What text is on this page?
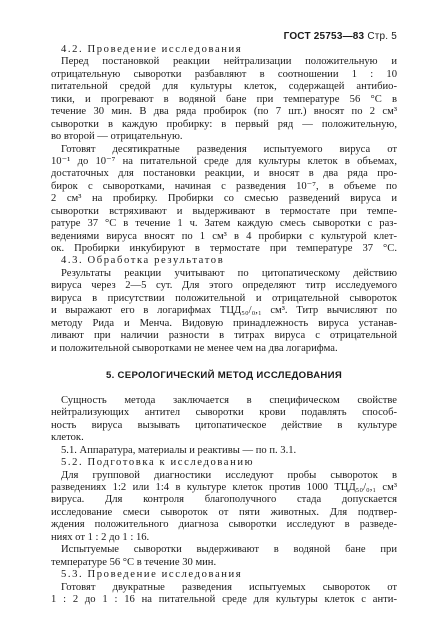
ГОСТ 25753—83 Стр. 5
4.2. Проведение исследования
Перед постановкой реакции нейтрализации положительную и
отрицательную сыворотки разбавляют в соотношении 1 : 10
питательной средой для культуры клеток, содержащей антибио-
тики, и прогревают в водяной бане при температуре 56 °С в
течение 30 мин. В два ряда пробирок (по 7 шт.) вносят по 2 см³
сыворотки в каждую пробирку: в первый ряд — положительную,
во второй — отрицательную.
Готовят десятикратные разведения испытуемого вируса от
10⁻¹ до 10⁻⁷ на питательной среде для культуры клеток в объемах,
достаточных для постановки реакции, и вносят в два ряда про-
бирок с сыворотками, начиная с разведения 10⁻⁷, в объеме по
2 см³ на пробирку. Пробирки со смесью разведений вируса и
сыворотки встряхивают и выдерживают в термостате при темпе-
ратуре 37 °С в течение 1 ч. Затем каждую смесь сыворотки с раз-
ведениями вируса вносят по 1 см³ в 4 пробирки с культурой клет-
ок. Пробирки инкубируют в термостате при температуре 37 °С.
4.3. Обработка результатов
Результаты реакции учитывают по цитопатическому действию
вируса через 2—5 сут. Для этого определяют титр исследуемого
вируса в присутствии положительной и отрицательной сывороток
и выражают его в логарифмах ТЦД₅₀/₀,₁ см³. Титр вычисляют по
методу Рида и Менча. Видовую принадлежность вируса устанав-
ливают при наличии разности в титрах вируса с отрицательной
и положительной сыворотками не менее чем на два логарифма.
5. СЕРОЛОГИЧЕСКИЙ МЕТОД ИССЛЕДОВАНИЯ
Сущность метода заключается в специфическом свойстве
нейтрализующих антител сыворотки крови подавлять способ-
ность вируса вызывать цитопатическое действие в культуре
клеток.
5.1. Аппаратура, материалы и реактивы — по п. 3.1.
5.2. Подготовка к исследованию
Для групповой диагностики исследуют пробы сывороток в
разведениях 1:2 или 1:4 в культуре клеток против 1000 ТЦД₅₀/₀,₁ см³
вируса. Для контроля благополучного стада допускается
исследование смеси сывороток от пяти животных. Для подтвер-
ждения положительного диагноза сыворотки исследуют в разведе-
ниях от 1 : 2 до 1 : 16.
Испытуемые сыворотки выдерживают в водяной бане при
температуре 56 °С в течение 30 мин.
5.3. Проведение исследования
Готовят двукратные разведения испытуемых сывороток от
1 : 2 до 1 : 16 на питательной среде для культуры клеток с анти-
